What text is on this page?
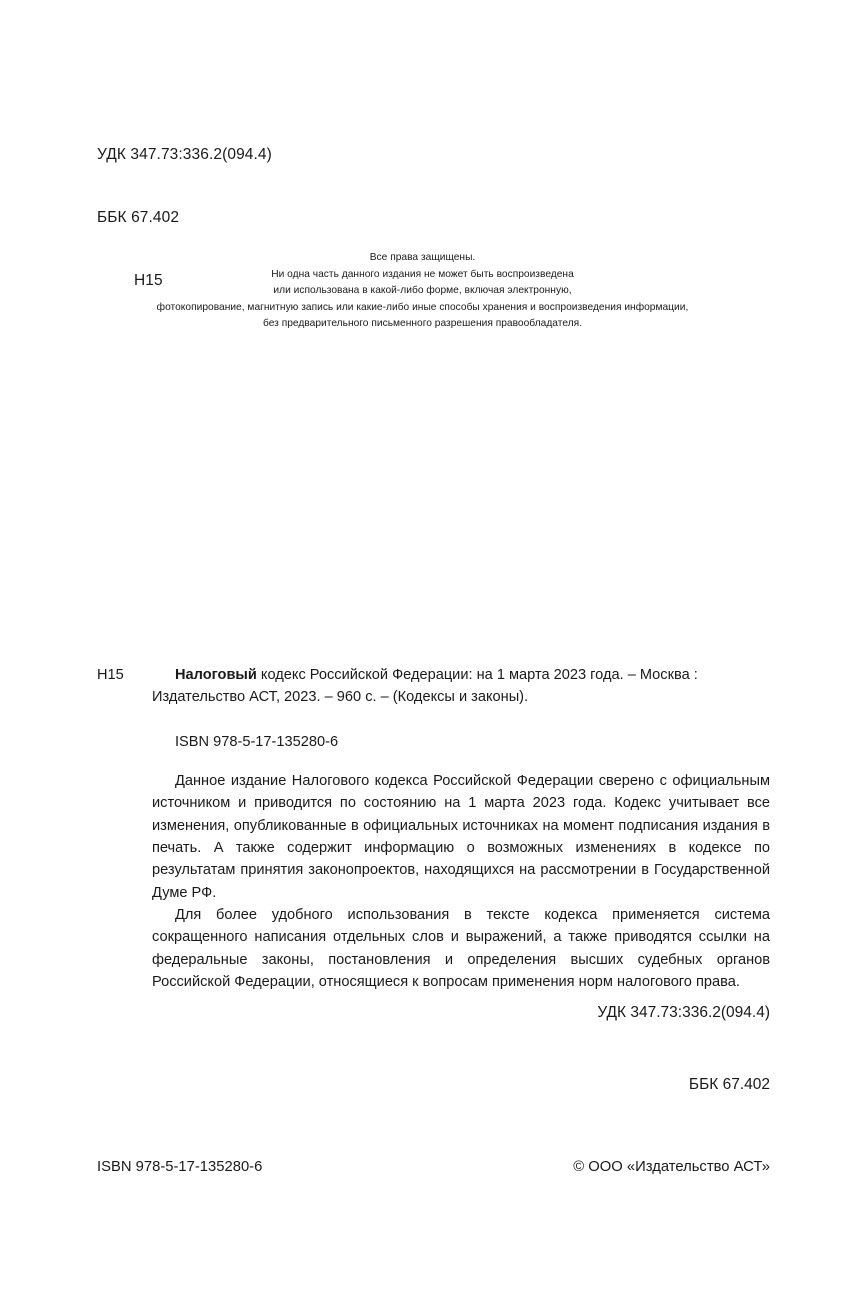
УДК 347.73:336.2(094.4)

ББК 67.402

Н15

Все права защищены.
Ни одна часть данного издания не может быть воспроизведена
или использована в какой-либо форме, включая электронную,
фотокопирование, магнитную запись или какие-либо иные способы хранения и воспроизведения информации,
без предварительного письменного разрешения правообладателя.
Н15	Налоговый кодекс Российской Федерации: на 1 марта 2023 года. – Москва : Издательство АСТ, 2023. – 960 с. – (Кодексы и законы).
ISBN 978-5-17-135280-6

Данное издание Налогового кодекса Российской Федерации сверено с официальным источником и приводится по состоянию на 1 марта 2023 года. Кодекс учитывает все изменения, опубликованные в официальных источниках на момент подписания издания в печать. А также содержит информацию о возможных изменениях в кодексе по результатам принятия законопроектов, находящихся на рассмотрении в Государственной Думе РФ.

Для более удобного использования в тексте кодекса применяется система сокращенного написания отдельных слов и выражений, а также приводятся ссылки на федеральные законы, постановления и определения высших судебных органов Российской Федерации, относящиеся к вопросам применения норм налогового права.

УДК 347.73:336.2(094.4)

ББК 67.402

ISBN 978-5-17-135280-6	© ООО «Издательство АСТ»
